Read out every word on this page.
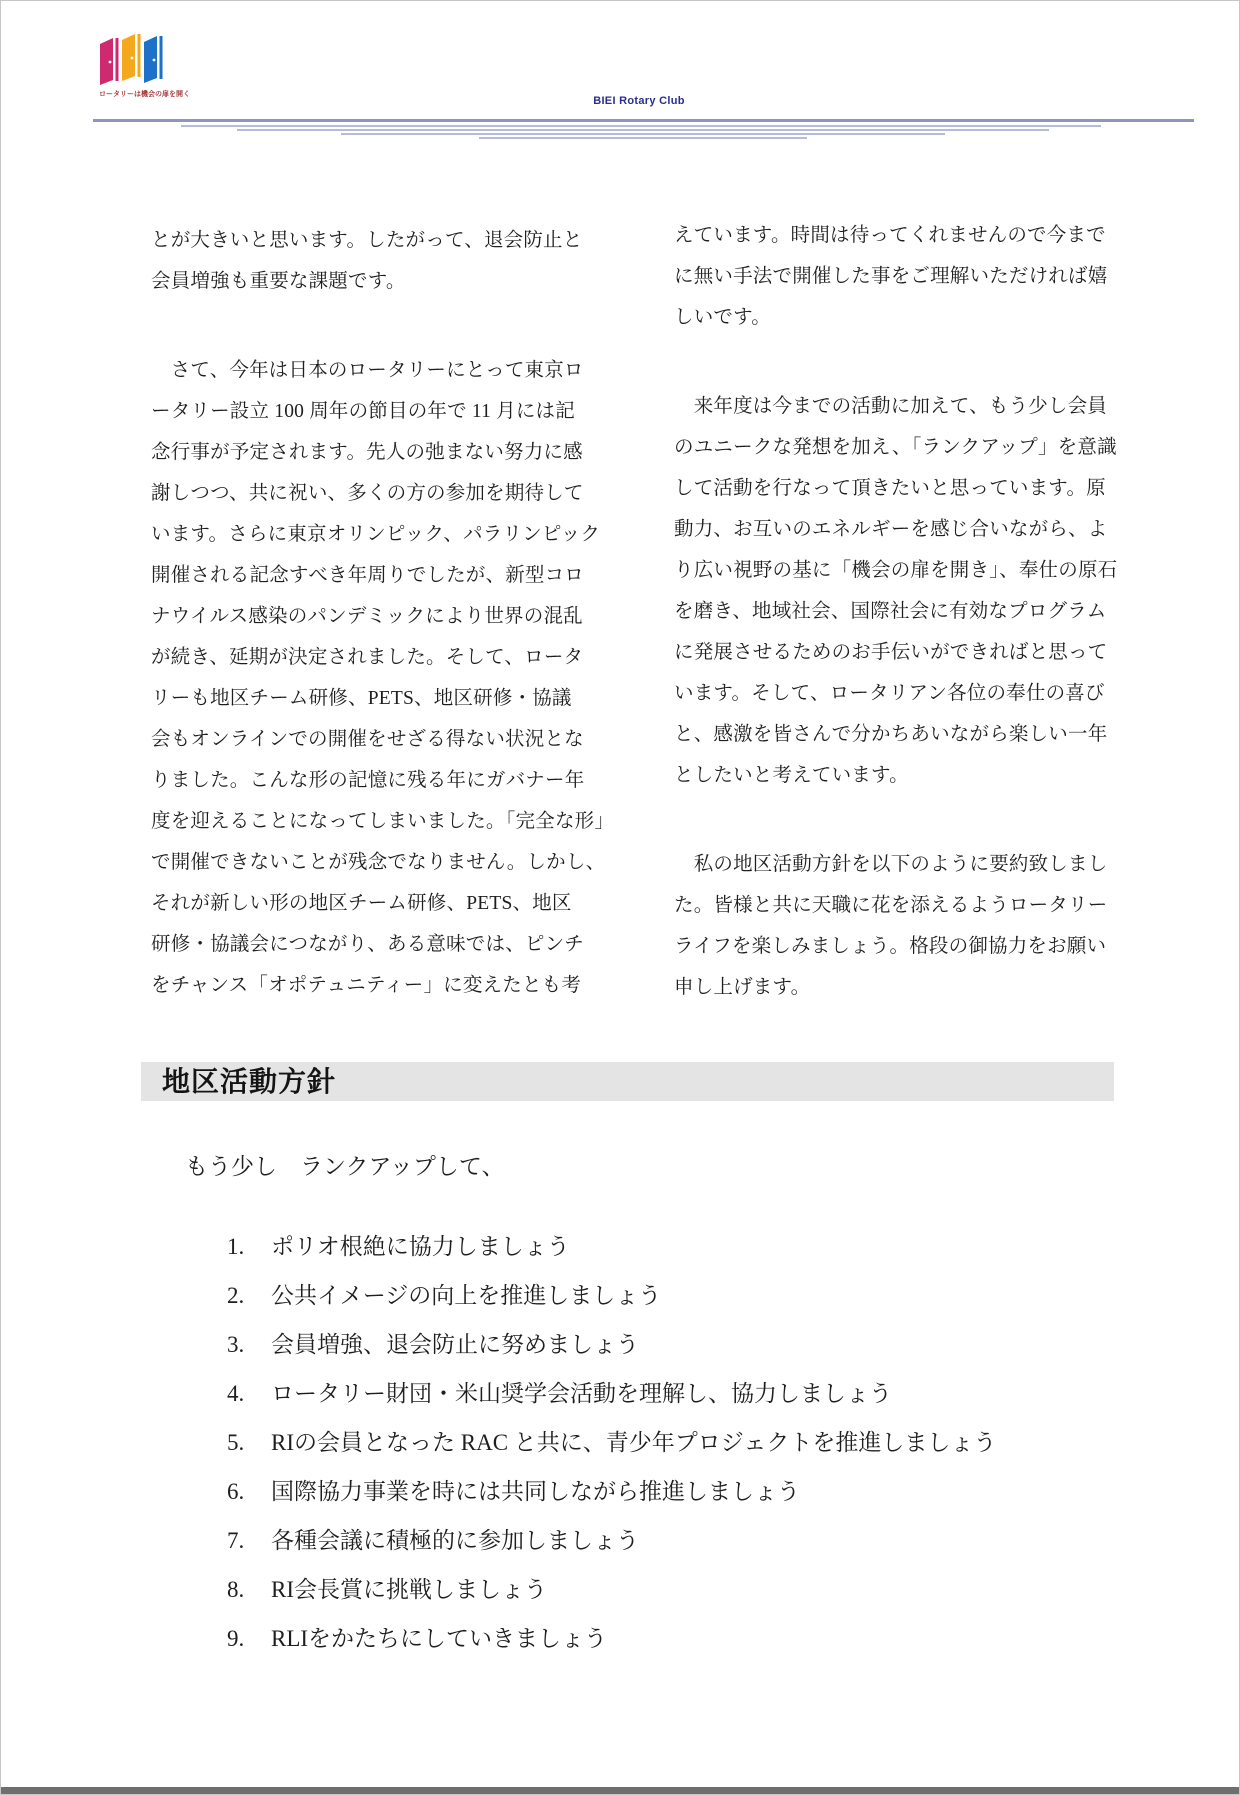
ロータリーは機会の扉を開く
BIEI Rotary Club
とが大きいと思います。したがって、退会防止と
会員増強も重要な課題です。
　さて、今年は日本のロータリーにとって東京ロ
ータリー設立 100 周年の節目の年で 11 月には記
念行事が予定されます。先人の弛まない努力に感
謝しつつ、共に祝い、多くの方の参加を期待して
います。さらに東京オリンピック、パラリンピック
開催される記念すべき年周りでしたが、新型コロ
ナウイルス感染のパンデミックにより世界の混乱
が続き、延期が決定されました。そして、ロータ
リーも地区チーム研修、PETS、地区研修・協議
会もオンラインでの開催をせざる得ない状況とな
りました。こんな形の記憶に残る年にガバナー年
度を迎えることになってしまいました。「完全な形」
で開催できないことが残念でなりません。しかし、
それが新しい形の地区チーム研修、PETS、地区
研修・協議会につながり、ある意味では、ピンチ
をチャンス「オポテュニティー」に変えたとも考
えています。時間は待ってくれませんので今まで
に無い手法で開催した事をご理解いただければ嬉
しいです。
　来年度は今までの活動に加えて、もう少し会員
のユニークな発想を加え、「ランクアップ」を意識
して活動を行なって頂きたいと思っています。原
動力、お互いのエネルギーを感じ合いながら、よ
り広い視野の基に「機会の扉を開き」、奉仕の原石
を磨き、地域社会、国際社会に有効なプログラム
に発展させるためのお手伝いができればと思って
います。そして、ロータリアン各位の奉仕の喜び
と、感激を皆さんで分かちあいながら楽しい一年
としたいと考えています。
　私の地区活動方針を以下のように要約致しまし
た。皆様と共に天職に花を添えるようロータリー
ライフを楽しみましょう。格段の御協力をお願い
申し上げます。
地区活動方針
もう少し　ランクアップして、
1.	ポリオ根絶に協力しましょう
2.	公共イメージの向上を推進しましょう
3.	会員増強、退会防止に努めましょう
4.	ロータリー財団・米山奨学会活動を理解し、協力しましょう
5.	RIの会員となった RAC と共に、青少年プロジェクトを推進しましょう
6.	国際協力事業を時には共同しながら推進しましょう
7.	各種会議に積極的に参加しましょう
8.	RI会長賞に挑戦しましょう
9.	RLIをかたちにしていきましょう
